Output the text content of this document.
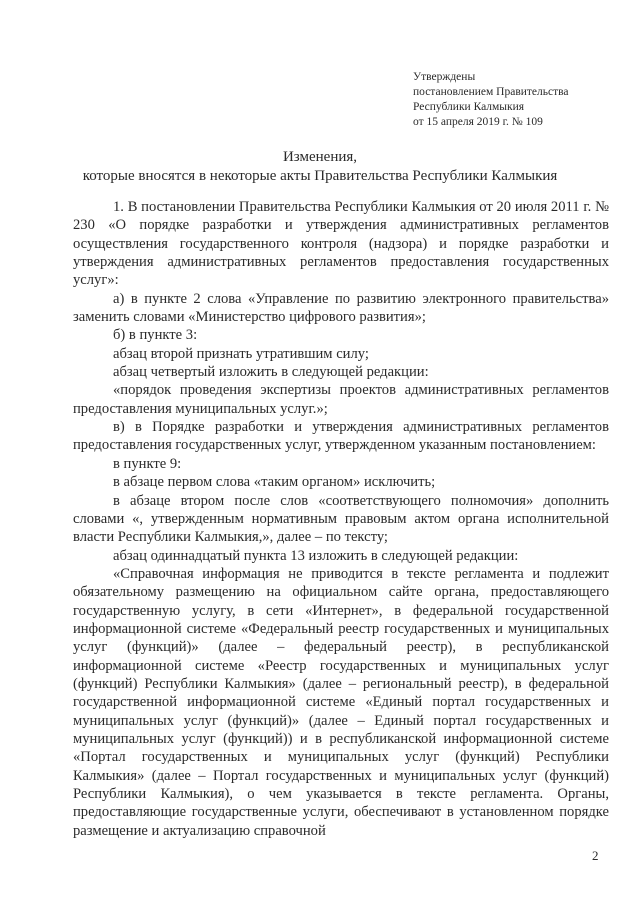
Утверждены
постановлением Правительства
Республики Калмыкия
от 15 апреля 2019 г. № 109
Изменения,
которые вносятся в некоторые акты Правительства Республики Калмыкия

1. В постановлении Правительства Республики Калмыкия от 20 июля 2011 г. № 230 «О порядке разработки и утверждения административных регламентов осуществления государственного контроля (надзора) и порядке разработки и утверждения административных регламентов предоставления государственных услуг»:

а) в пункте 2 слова «Управление по развитию электронного правительства» заменить словами «Министерство цифрового развития»;

б) в пункте 3:

абзац второй признать утратившим силу;

абзац четвертый изложить в следующей редакции:

«порядок проведения экспертизы проектов административных регламентов предоставления муниципальных услуг.»;

в) в Порядке разработки и утверждения административных регламентов предоставления государственных услуг, утвержденном указанным постановлением:

в пункте 9:

в абзаце первом слова «таким органом» исключить;

в абзаце втором после слов «соответствующего полномочия» дополнить словами «, утвержденным нормативным правовым актом органа исполнительной власти Республики Калмыкия,», далее – по тексту;

абзац одиннадцатый пункта 13 изложить в следующей редакции:

«Справочная информация не приводится в тексте регламента и подлежит обязательному размещению на официальном сайте органа, предоставляющего государственную услугу, в сети «Интернет», в федеральной государственной информационной системе «Федеральный реестр государственных и муниципальных услуг (функций)» (далее – федеральный реестр), в республиканской информационной системе «Реестр государственных и муниципальных услуг (функций) Республики Калмыкия» (далее – региональный реестр), в федеральной государственной информационной системе «Единый портал государственных и муниципальных услуг (функций)» (далее – Единый портал государственных и муниципальных услуг (функций)) и в республиканской информационной системе «Портал государственных и муниципальных услуг (функций) Республики Калмыкия» (далее – Портал государственных и муниципальных услуг (функций) Республики Калмыкия), о чем указывается в тексте регламента. Органы, предоставляющие государственные услуги, обеспечивают в установленном порядке размещение и актуализацию справочной

2
